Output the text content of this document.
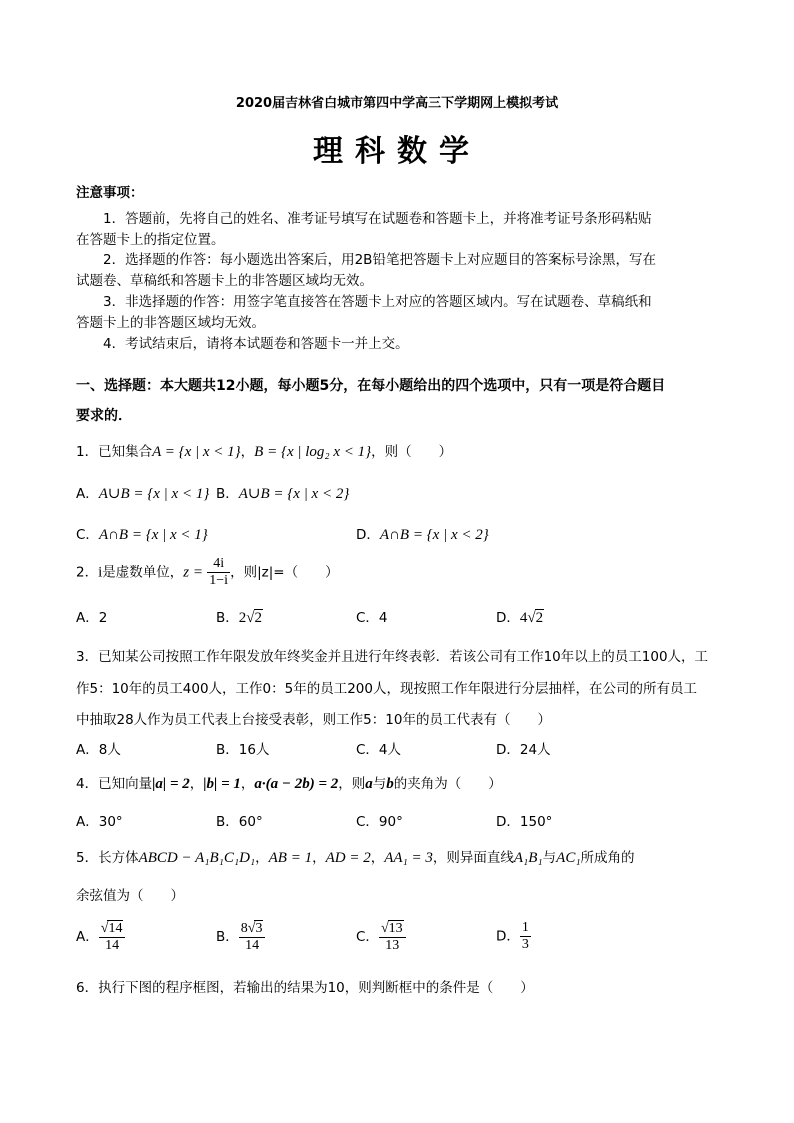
2020届吉林省白城市第四中学高三下学期网上模拟考试
理科数学
注意事项：
1．答题前，先将自己的姓名、准考证号填写在试题卷和答题卡上，并将准考证号条形码粘贴
在答题卡上的指定位置。
2．选择题的作答：每小题选出答案后，用2B铅笔把答题卡上对应题目的答案标号涂黑，写在
试题卷、草稿纸和答题卡上的非答题区域均无效。
3．非选择题的作答：用签字笔直接答在答题卡上对应的答题区域内。写在试题卷、草稿纸和
答题卡上的非答题区域均无效。
4．考试结束后，请将本试题卷和答题卡一并上交。
一、选择题：本大题共12小题，每小题5分，在每小题给出的四个选项中，只有一项是符合题目
要求的．
1．已知集合A = {x | x < 1}，B = {x | log₂ x < 1}，则（　　）
A．A∪B = {x | x < 1} B．A∪B = {x | x < 2}
C．A∩B = {x | x < 1}	D．A∩B = {x | x < 2}
2．i是虚数单位，$z = \frac{4i}{1-i}$ ，则|z|=（　　）
A．2	B．2√2	C．4	D．4√2
3．已知某公司按照工作年限发放年终奖金并且进行年终表彰．若该公司有工作10年以上的员工100人，工
作5：10年的员工400人，工作0：5年的员工200人，现按照工作年限进行分层抽样，在公司的所有员工
中抽取28人作为员工代表上台接受表彰，则工作5：10年的员工代表有（　　）
A．8人	B．16人	C．4人	D．24人
4．已知向量|a| = 2，|b| = 1，a·(a − 2b) = 2，则a与b的夹角为（　　）
A．30°	B．60°	C．90°	D．150°
5．长方体ABCD − A₁B₁C₁D₁，AB = 1，AD = 2，AA₁ = 3，则异面直线A₁B₁与AC₁所成角的
余弦值为（　　）
A． $\frac{√14}{14}$	B． $\frac{8√3}{14}$	C． $\frac{√13}{13}$	D． $\frac{1}{3}$
6．执行下图的程序框图，若输出的结果为10，则判断框中的条件是（　　）
